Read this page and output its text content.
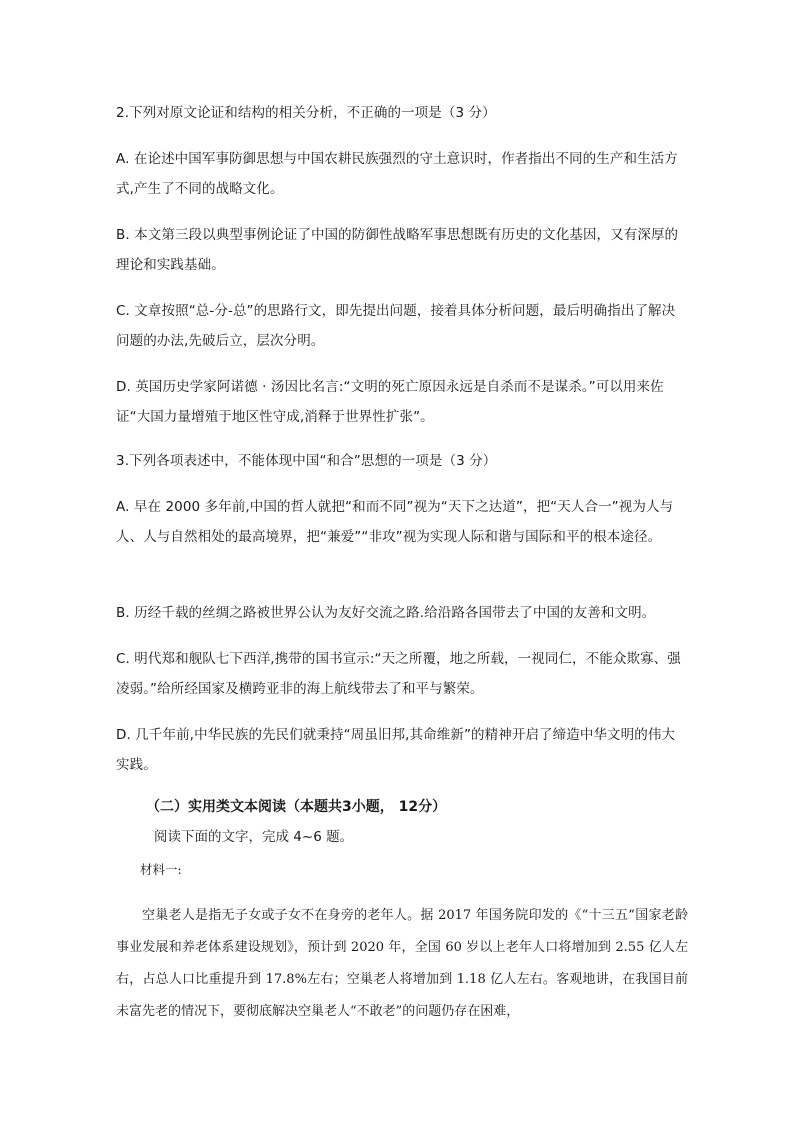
2.下列对原文论证和结构的相关分析，不正确的一项是（3 分）

A. 在论述中国军事防御思想与中国农耕民族强烈的守土意识时，作者指出不同的生产和生活方式,产生了不同的战略文化。

B. 本文第三段以典型事例论证了中国的防御性战略军事思想既有历史的文化基因，又有深厚的理论和实践基础。

C. 文章按照“总-分-总”的思路行文，即先提出问题，接着具体分析问题，最后明确指出了解决问题的办法,先破后立，层次分明。

D. 英国历史学家阿诺德 · 汤因比名言:“文明的死亡原因永远是自杀而不是谋杀。”可以用来佐证“大国力量增殖于地区性守成,消释于世界性扩张”。

3.下列各项表述中，不能体现中国“和合”思想的一项是（3 分）

A. 早在 2000 多年前,中国的哲人就把“和而不同”视为“天下之达道”，把“天人合一”视为人与人、人与自然相处的最高境界，把“兼爱”“非攻”视为实现人际和谐与国际和平的根本途径。

B. 历经千载的丝绸之路被世界公认为友好交流之路.给沿路各国带去了中国的友善和文明。

C. 明代郑和舰队七下西洋,携带的国书宣示:“天之所覆，地之所载，一视同仁，不能众欺寡、强凌弱。”给所经国家及横跨亚非的海上航线带去了和平与繁荣。

D. 几千年前,中华民族的先民们就秉持“周虽旧邦,其命维新”的精神开启了缔造中华文明的伟大实践。

（二）实用类文本阅读（本题共3小题， 12分）

阅读下面的文字，完成 4~6 题。

材料一:

空巢老人是指无子女或子女不在身旁的老年人。据 2017 年国务院印发的《“十三五”国家老龄事业发展和养老体系建设规划》，预计到 2020 年，全国 60 岁以上老年人口将增加到 2.55 亿人左右，占总人口比重提升到 17.8%左右；空巢老人将增加到 1.18 亿人左右。客观地讲，在我国目前未富先老的情况下，要彻底解决空巢老人“不敢老”的问题仍存在困难，
